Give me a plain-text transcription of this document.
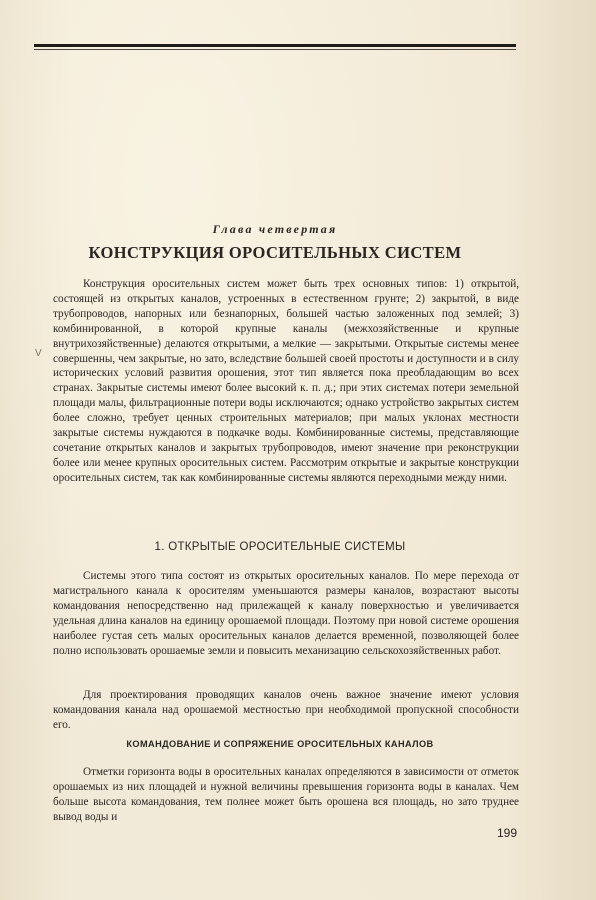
Глава четвертая
КОНСТРУКЦИЯ ОРОСИТЕЛЬНЫХ СИСТЕМ
V

Конструкция оросительных систем может быть трех основных типов: 1) открытой, состоящей из открытых каналов, устроенных в естественном грунте; 2) закрытой, в виде трубопроводов, напорных или безнапорных, большей частью заложенных под землей; 3) комбинированной, в которой крупные каналы (межхозяйственные и крупные внутрихозяйственные) делаются открытыми, а мелкие — закрытыми. Открытые системы менее совершенны, чем закрытые, но зато, вследствие большей своей простоты и доступности и в силу исторических условий развития орошения, этот тип является пока преобладающим во всех странах. Закрытые системы имеют более высокий к. п. д.; при этих системах потери земельной площади малы, фильтрационные потери воды исключаются; однако устройство закрытых систем более сложно, требует ценных строительных материалов; при малых уклонах местности закрытые системы нуждаются в подкачке воды. Комбинированные системы, представляющие сочетание открытых каналов и закрытых трубопроводов, имеют значение при реконструкции более или менее крупных оросительных систем. Рассмотрим открытые и закрытые конструкции оросительных систем, так как комбинированные системы являются переходными между ними.

1. ОТКРЫТЫЕ ОРОСИТЕЛЬНЫЕ СИСТЕМЫ

Системы этого типа состоят из открытых оросительных каналов. По мере перехода от магистрального канала к оросителям уменьшаются размеры каналов, возрастают высоты командования непосредственно над прилежащей к каналу поверхностью и увеличивается удельная длина каналов на единицу орошаемой площади. Поэтому при новой системе орошения наиболее густая сеть малых оросительных каналов делается временной, позволяющей более полно использовать орошаемые земли и повысить механизацию сельскохозяйственных работ.

Для проектирования проводящих каналов очень важное значение имеют условия командования канала над орошаемой местностью при необходимой пропускной способности его.

КОМАНДОВАНИЕ И СОПРЯЖЕНИЕ ОРОСИТЕЛЬНЫХ КАНАЛОВ

Отметки горизонта воды в оросительных каналах определяются в зависимости от отметок орошаемых из них площадей и нужной величины превышения горизонта воды в каналах. Чем больше высота командования, тем полнее может быть орошена вся площадь, но зато труднее вывод воды и

199
